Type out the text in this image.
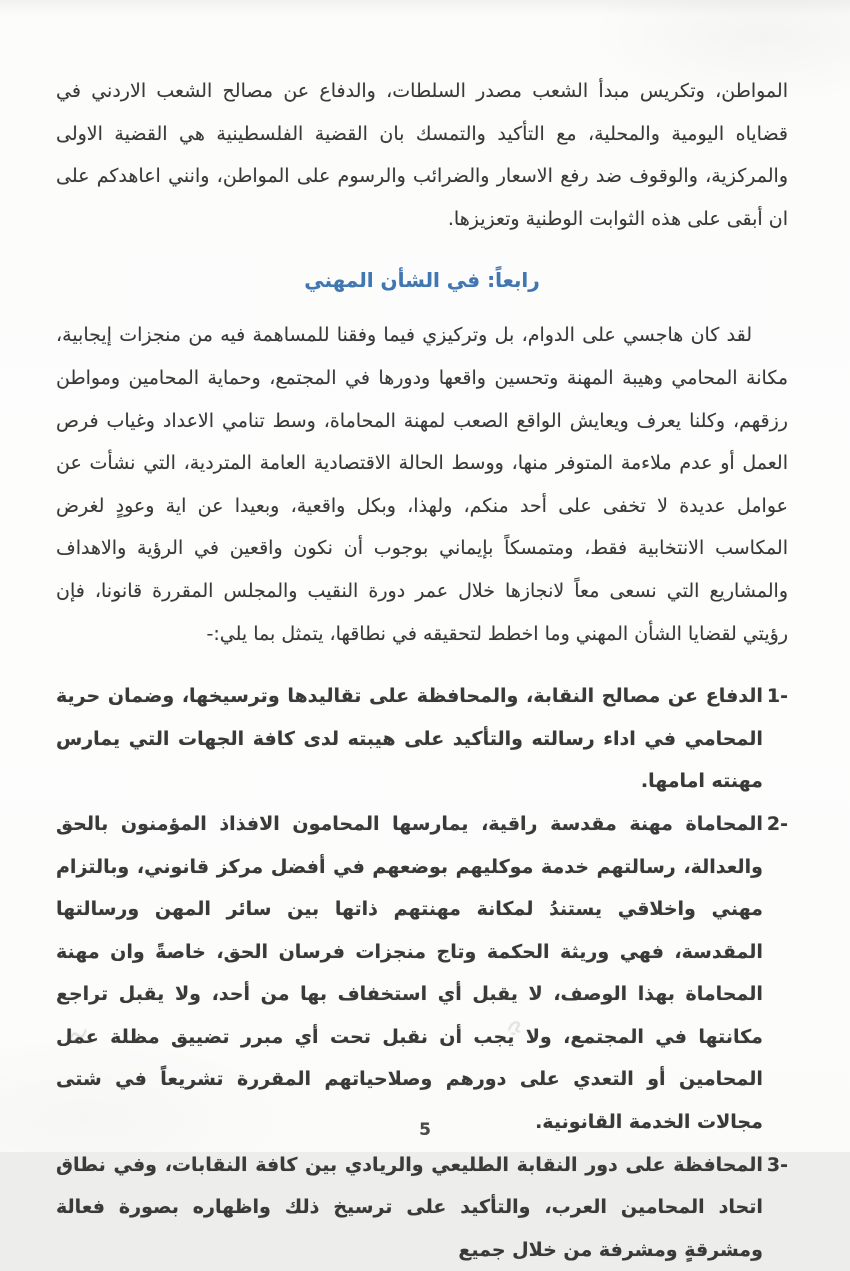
المواطن، وتكريس مبدأ الشعب مصدر السلطات، والدفاع عن مصالح الشعب الاردني في قضاياه اليومية والمحلية، مع التأكيد والتمسك بان القضية الفلسطينية هي القضية الاولى والمركزية، والوقوف ضد رفع الاسعار والضرائب والرسوم على المواطن، وانني اعاهدكم على ان أبقى على هذه الثوابت الوطنية وتعزيزها.

رابعاً: في الشأن المهني

لقد كان هاجسي على الدوام، بل وتركيزي فيما وفقنا للمساهمة فيه من منجزات إيجابية، مكانة المحامي وهيبة المهنة وتحسين واقعها ودورها في المجتمع، وحماية المحامين ومواطن رزقهم، وكلنا يعرف ويعايش الواقع الصعب لمهنة المحاماة، وسط تنامي الاعداد وغياب فرص العمل أو عدم ملاءمة المتوفر منها، ووسط الحالة الاقتصادية العامة المتردية، التي نشأت عن عوامل عديدة لا تخفى على أحد منكم، ولهذا، وبكل واقعية، وبعيدا عن اية وعودٍ لغرض المكاسب الانتخابية فقط، ومتمسكاً بإيماني بوجوب أن نكون واقعين في الرؤية والاهداف والمشاريع التي نسعى معاً لانجازها خلال عمر دورة النقيب والمجلس المقررة قانونا، فإن رؤيتي لقضايا الشأن المهني وما اخطط لتحقيقه في نطاقها، يتمثل بما يلي:-

1-
الدفاع عن مصالح النقابة، والمحافظة على تقاليدها وترسيخها، وضمان حرية المحامي في اداء رسالته والتأكيد على هيبته لدى كافة الجهات التي يمارس مهنته امامها.
2-
المحاماة مهنة مقدسة راقية، يمارسها المحامون الافذاذ المؤمنون بالحق والعدالة، رسالتهم خدمة موكليهم بوضعهم في أفضل مركز قانوني، وبالتزام مهني واخلاقي يستندُ لمكانة مهنتهم ذاتها بين سائر المهن ورسالتها المقدسة، فهي وريثة الحكمة وتاج منجزات فرسان الحق، خاصةً وان مهنة المحاماة بهذا الوصف، لا يقبل أي استخفاف بها من أحد، ولا يقبل تراجع مكانتها في المجتمع، ولا يجب أن نقبل تحت أي مبرر تضييق مظلة عمل المحامين أو التعدي على دورهم وصلاحياتهم المقررة تشريعاً في شتى مجالات الخدمة القانونية.
3-
المحافظة على دور النقابة الطليعي والريادي بين كافة النقابات، وفي نطاق اتحاد المحامين العرب، والتأكيد على ترسيخ ذلك واظهاره بصورة فعالة ومشرقةٍ ومشرفة من خلال جميع
5
